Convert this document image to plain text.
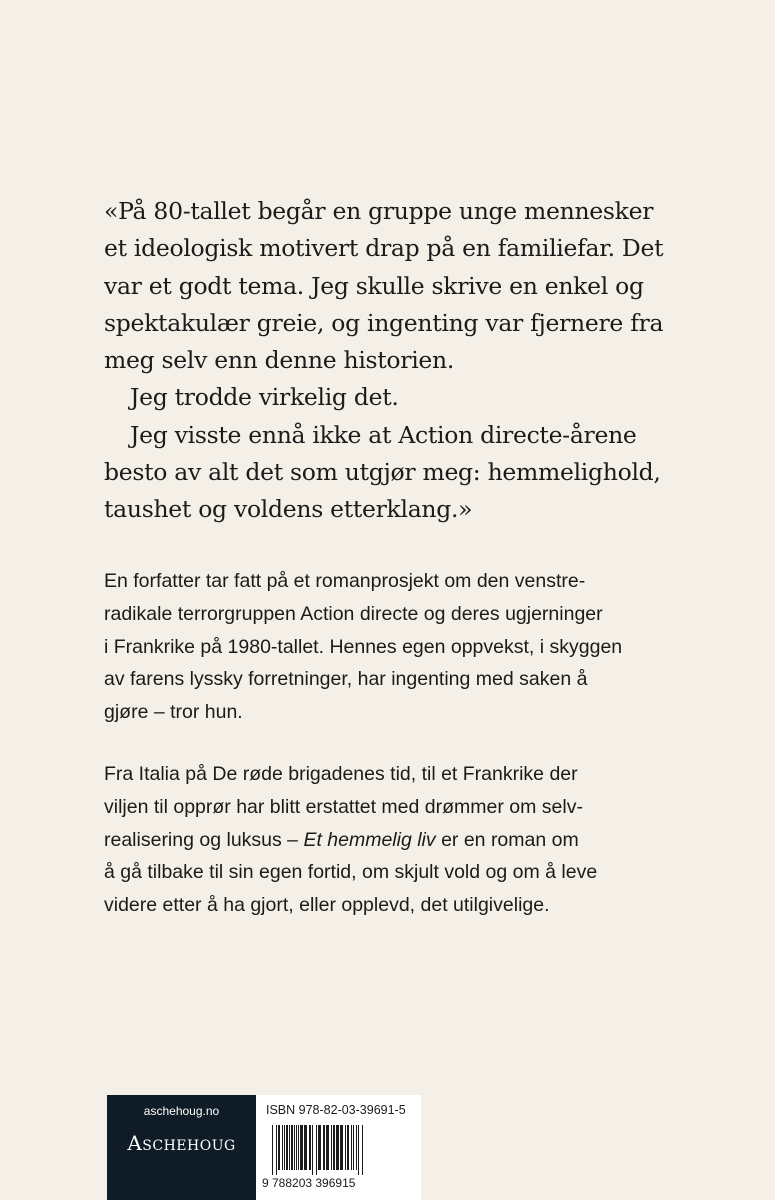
«På 80-tallet begår en gruppe unge mennesker
et ideologisk motivert drap på en familiefar. Det
var et godt tema. Jeg skulle skrive en enkel og
spektakulær greie, og ingenting var fjernere fra
meg selv enn denne historien.
Jeg trodde virkelig det.
Jeg visste ennå ikke at Action directe-årene
besto av alt det som utgjør meg: hemmelighold,
taushet og voldens etterklang.»
En forfatter tar fatt på et romanprosjekt om den venstre-
radikale terrorgruppen Action directe og deres ugjerninger
i Frankrike på 1980-tallet. Hennes egen oppvekst, i skyggen
av farens lyssky forretninger, har ingenting med saken å
gjøre – tror hun.
Fra Italia på De røde brigadenes tid, til et Frankrike der
viljen til opprør har blitt erstattet med drømmer om selv-
realisering og luksus – Et hemmelig liv er en roman om
å gå tilbake til sin egen fortid, om skjult vold og om å leve
videre etter å ha gjort, eller opplevd, det utilgivelige.
aschehoug.no
Aschehoug
ISBN 978-82-03-39691-5
9 788203 396915
